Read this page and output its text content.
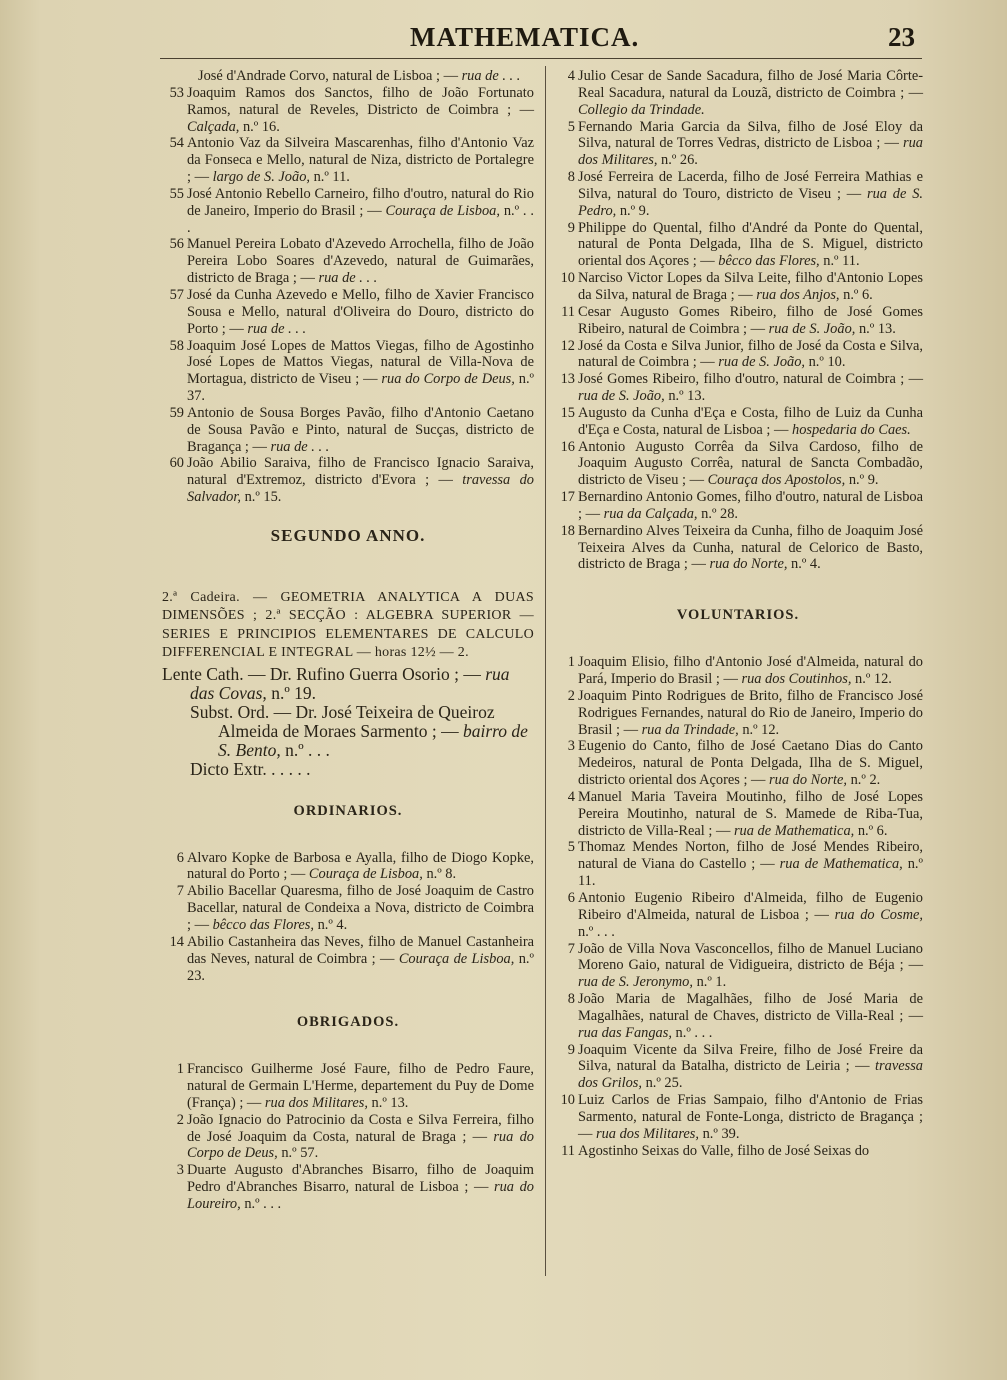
MATHEMATICA.	23
José d'Andrade Corvo, natural de Lisboa ; — rua de . . .
53 Joaquim Ramos dos Sanctos, filho de João Fortunato Ramos, natural de Reveles, Districto de Coimbra ; — Calçada, n.º 16.
54 Antonio Vaz da Silveira Mascarenhas, filho d'Antonio Vaz da Fonseca e Mello, natural de Niza, districto de Portalegre ; — largo de S. João, n.º 11.
55 José Antonio Rebello Carneiro, filho d'outro, natural do Rio de Janeiro, Imperio do Brasil ; — Couraça de Lisboa, n.º . . .
56 Manuel Pereira Lobato d'Azevedo Arrochella, filho de João Pereira Lobo Soares d'Azevedo, natural de Guimarães, districto de Braga ; — rua de . . .
57 José da Cunha Azevedo e Mello, filho de Xavier Francisco Sousa e Mello, natural d'Oliveira do Douro, districto do Porto ; — rua de . . .
58 Joaquim José Lopes de Mattos Viegas, filho de Agostinho José Lopes de Mattos Viegas, natural de Villa-Nova de Mortagua, districto de Viseu ; — rua do Corpo de Deus, n.º 37.
59 Antonio de Sousa Borges Pavão, filho d'Antonio Caetano de Sousa Pavão e Pinto, natural de Sucças, districto de Bragança ; — rua de . . .
60 João Abilio Saraiva, filho de Francisco Ignacio Saraiva, natural d'Extremoz, districto d'Evora ; — travessa do Salvador, n.º 15.
SEGUNDO ANNO.
2.ª Cadeira. — GEOMETRIA ANALYTICA A DUAS DIMENSÕES ; 2.ª SECÇÃO : ALGEBRA SUPERIOR — SERIES E PRINCIPIOS ELEMENTARES DE CALCULO DIFFERENCIAL E INTEGRAL — horas 12½ — 2.
Lente Cath. — Dr. Rufino Guerra Osorio ; — rua das Covas, n.º 19.
Subst. Ord. — Dr. José Teixeira de Queiroz Almeida de Moraes Sarmento ; — bairro de S. Bento, n.º . . .
Dicto Extr. . . . . .
ORDINARIOS.
6 Alvaro Kopke de Barbosa e Ayalla, filho de Diogo Kopke, natural do Porto ; — Couraça de Lisboa, n.º 8.
7 Abilio Bacellar Quaresma, filho de José Joaquim de Castro Bacellar, natural de Condeixa a Nova, districto de Coimbra ; — bêcco das Flores, n.º 4.
14 Abilio Castanheira das Neves, filho de Manuel Castanheira das Neves, natural de Coimbra ; — Couraça de Lisboa, n.º 23.
OBRIGADOS.
1 Francisco Guilherme José Faure, filho de Pedro Faure, natural de Germain L'Herme, departement du Puy de Dome (França) ; — rua dos Militares, n.º 13.
2 João Ignacio do Patrocinio da Costa e Silva Ferreira, filho de José Joaquim da Costa, natural de Braga ; — rua do Corpo de Deus, n.º 57.
3 Duarte Augusto d'Abranches Bisarro, filho de Joaquim Pedro d'Abranches Bisarro, natural de Lisboa ; — rua do Loureiro, n.º . . .
4 Julio Cesar de Sande Sacadura, filho de José Maria Côrte-Real Sacadura, natural da Louzã, districto de Coimbra ; — Collegio da Trindade.
5 Fernando Maria Garcia da Silva, filho de José Eloy da Silva, natural de Torres Vedras, districto de Lisboa ; — rua dos Militares, n.º 26.
8 José Ferreira de Lacerda, filho de José Ferreira Mathias e Silva, natural do Touro, districto de Viseu ; — rua de S. Pedro, n.º 9.
9 Philippe do Quental, filho d'André da Ponte do Quental, natural de Ponta Delgada, Ilha de S. Miguel, districto oriental dos Açores ; — bêcco das Flores, n.º 11.
10 Narciso Victor Lopes da Silva Leite, filho d'Antonio Lopes da Silva, natural de Braga ; — rua dos Anjos, n.º 6.
11 Cesar Augusto Gomes Ribeiro, filho de José Gomes Ribeiro, natural de Coimbra ; — rua de S. João, n.º 13.
12 José da Costa e Silva Junior, filho de José da Costa e Silva, natural de Coimbra ; — rua de S. João, n.º 10.
13 José Gomes Ribeiro, filho d'outro, natural de Coimbra ; — rua de S. João, n.º 13.
15 Augusto da Cunha d'Eça e Costa, filho de Luiz da Cunha d'Eça e Costa, natural de Lisboa ; — hospedaria do Caes.
16 Antonio Augusto Corrêa da Silva Cardoso, filho de Joaquim Augusto Corrêa, natural de Sancta Combadão, districto de Viseu ; — Couraça dos Apostolos, n.º 9.
17 Bernardino Antonio Gomes, filho d'outro, natural de Lisboa ; — rua da Calçada, n.º 28.
18 Bernardino Alves Teixeira da Cunha, filho de Joaquim José Teixeira Alves da Cunha, natural de Celorico de Basto, districto de Braga ; — rua do Norte, n.º 4.
VOLUNTARIOS.
1 Joaquim Elisio, filho d'Antonio José d'Almeida, natural do Pará, Imperio do Brasil ; — rua dos Coutinhos, n.º 12.
2 Joaquim Pinto Rodrigues de Brito, filho de Francisco José Rodrigues Fernandes, natural do Rio de Janeiro, Imperio do Brasil ; — rua da Trindade, n.º 12.
3 Eugenio do Canto, filho de José Caetano Dias do Canto Medeiros, natural de Ponta Delgada, Ilha de S. Miguel, districto oriental dos Açores ; — rua do Norte, n.º 2.
4 Manuel Maria Taveira Moutinho, filho de José Lopes Pereira Moutinho, natural de S. Mamede de Riba-Tua, districto de Villa-Real ; — rua de Mathematica, n.º 6.
5 Thomaz Mendes Norton, filho de José Mendes Ribeiro, natural de Viana do Castello ; — rua de Mathematica, n.º 11.
6 Antonio Eugenio Ribeiro d'Almeida, filho de Eugenio Ribeiro d'Almeida, natural de Lisboa ; — rua do Cosme, n.º . . .
7 João de Villa Nova Vasconcellos, filho de Manuel Luciano Moreno Gaio, natural de Vidigueira, districto de Béja ; — rua de S. Jeronymo, n.º 1.
8 João Maria de Magalhães, filho de José Maria de Magalhães, natural de Chaves, districto de Villa-Real ; — rua das Fangas, n.º . . .
9 Joaquim Vicente da Silva Freire, filho de José Freire da Silva, natural da Batalha, districto de Leiria ; — travessa dos Grilos, n.º 25.
10 Luiz Carlos de Frias Sampaio, filho d'Antonio de Frias Sarmento, natural de Fonte-Longa, districto de Bragança ; — rua dos Militares, n.º 39.
11 Agostinho Seixas do Valle, filho de José Seixas do
